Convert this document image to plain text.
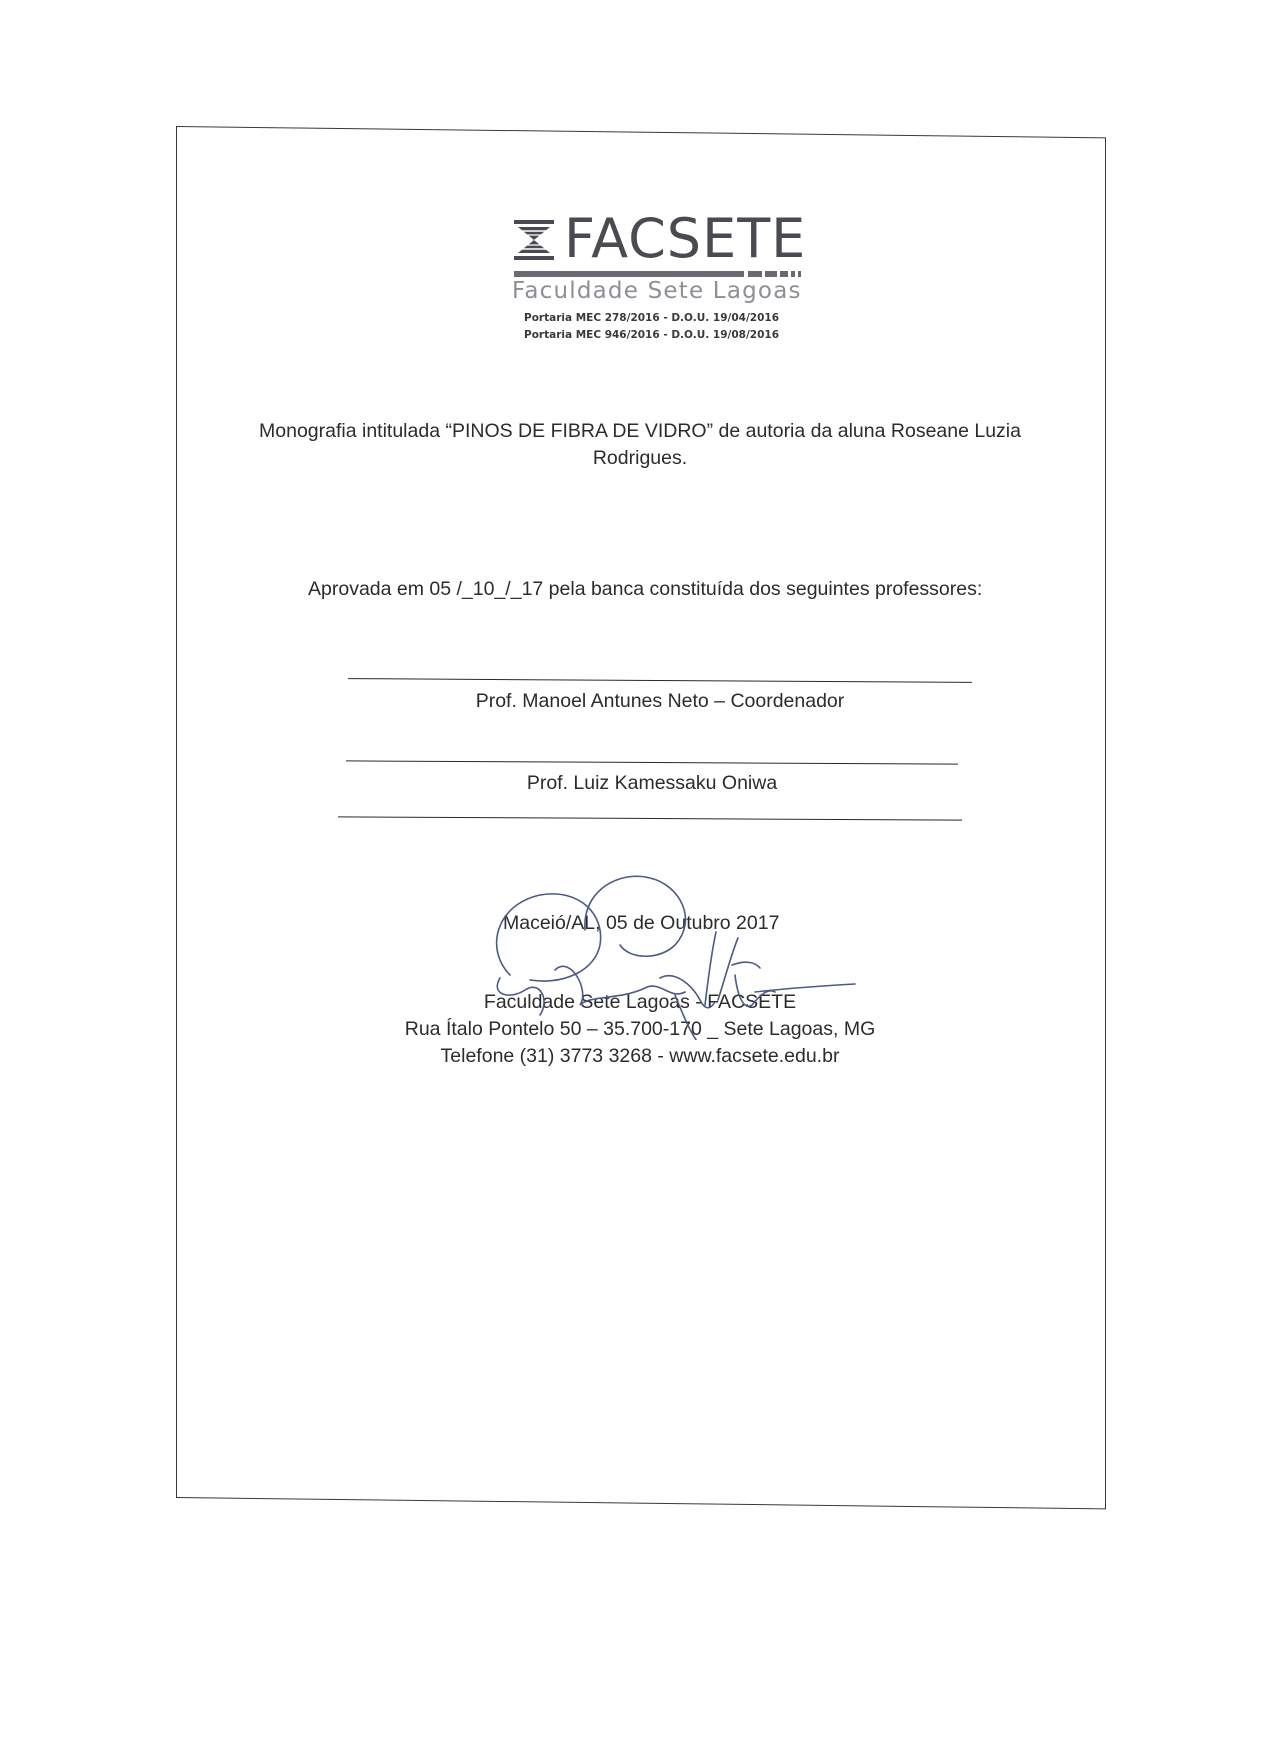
FACSETE
Faculdade Sete Lagoas
Portaria MEC 278/2016 - D.O.U. 19/04/2016
Portaria MEC 946/2016 - D.O.U. 19/08/2016
Monografia intitulada “PINOS DE FIBRA DE VIDRO” de autoria da aluna Roseane Luzia
Rodrigues.
Aprovada em 05 /_10_/_17 pela banca constituída dos seguintes professores:
Prof. Manoel Antunes Neto – Coordenador
Prof. Luiz Kamessaku Oniwa
Maceió/AL, 05 de Outubro 2017
Faculdade Sete Lagoas - FACSETE
Rua Ítalo Pontelo 50 – 35.700-170 _ Sete Lagoas, MG
Telefone (31) 3773 3268 - www.facsete.edu.br
